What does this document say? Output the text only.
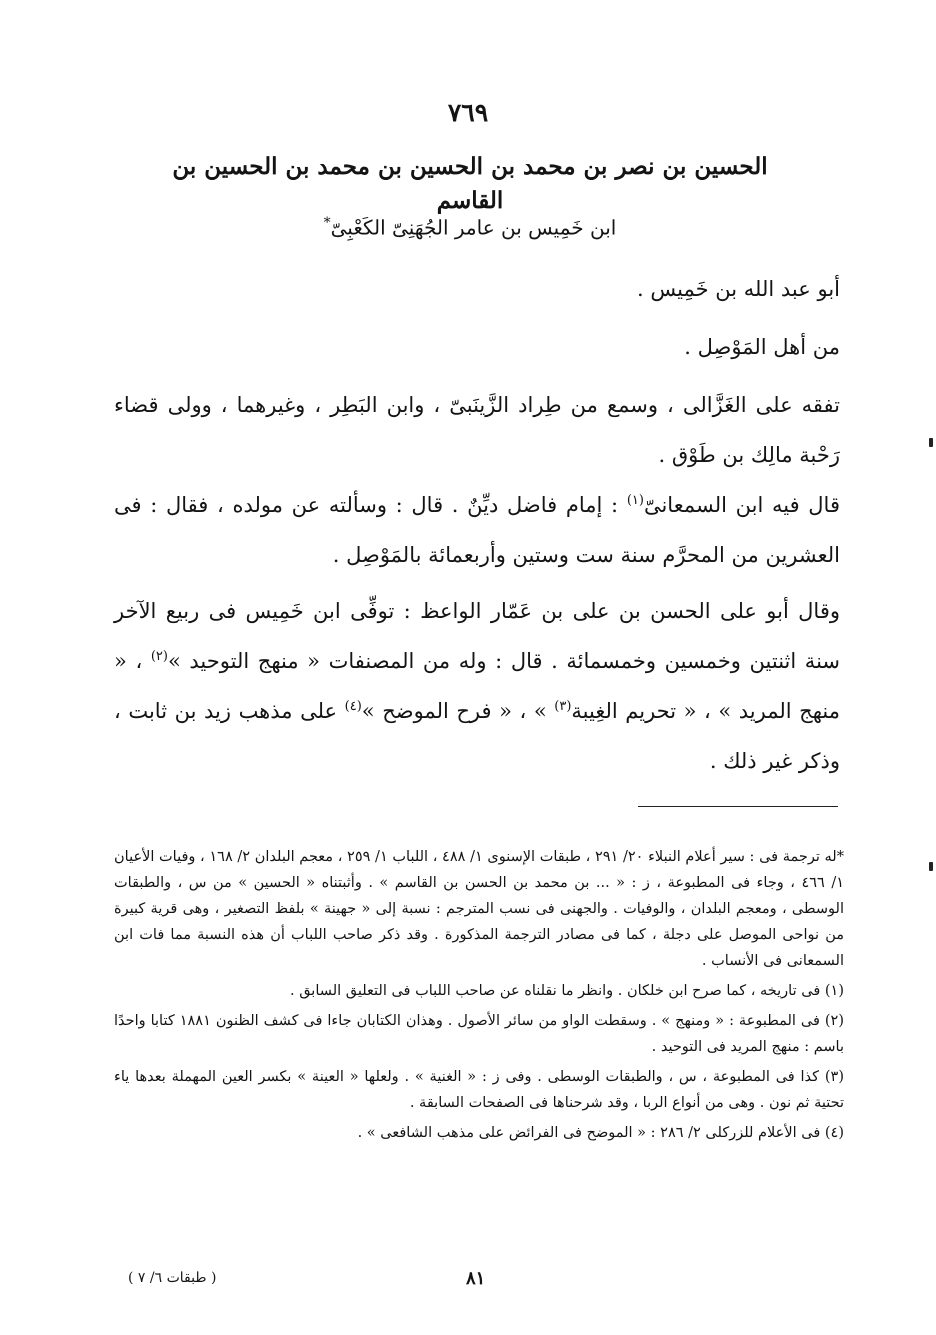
٧٦٩
الحسين بن نصر بن محمد بن الحسين بن محمد بن الحسين بن القاسم
ابن خَمِيس بن عامر الجُهَنِىّ الكَعْبِىّ*
أبو عبد الله بن خَمِيس .
من أهل المَوْصِل .
تفقه على الغَزَّالى ، وسمع من طِراد الزَّينَبىّ ، وابن البَطِر ، وغيرهما ، وولى قضاء رَحْبة مالِك بن طَوْق .
قال فيه ابن السمعانىّ$^{(١)}$ : إمام فاضل ديِّنٌ . قال : وسألته عن مولده ، فقال : فى العشرين من المحرَّم سنة ست وستين وأربعمائة بالمَوْصِل .
وقال أبو على الحسن بن على بن عَمّار الواعظ : توفِّى ابن خَمِيس فى ربيع الآخر سنة اثنتين وخمسين وخمسمائة . قال : وله من المصنفات « منهج التوحيد »$^{(٢)}$ ، « منهج المريد » ، « تحريم الغِيبة$^{(٣)}$ » ، « فرح الموضح »$^{(٤)}$ على مذهب زيد بن ثابت ، وذكر غير ذلك .

*له ترجمة فى : سير أعلام النبلاء ٢٠/ ٢٩١ ، طبقات الإسنوى ١/ ٤٨٨ ، اللباب ١/ ٢٥٩ ، معجم البلدان ٢/ ١٦٨ ، وفيات الأعيان ١/ ٤٦٦ ، وجاء فى المطبوعة ، ز : « ... بن محمد بن الحسن بن القاسم » . وأثبتناه « الحسين » من س ، والطبقات الوسطى ، ومعجم البلدان ، والوفيات . والجهنى فى نسب المترجم : نسبة إلى « جهينة » بلفظ التصغير ، وهى قرية كبيرة من نواحى الموصل على دجلة ، كما فى مصادر الترجمة المذكورة . وقد ذكر صاحب اللباب أن هذه النسبة مما فات ابن السمعانى فى الأنساب .

(١) فى تاريخه ، كما صرح ابن خلكان . وانظر ما نقلناه عن صاحب اللباب فى التعليق السابق .

(٢) فى المطبوعة : « ومنهج » . وسقطت الواو من سائر الأصول . وهذان الكتابان جاءا فى كشف الظنون ١٨٨١ كتابا واحدًا باسم : منهج المريد فى التوحيد .

(٣) كذا فى المطبوعة ، س ، والطبقات الوسطى . وفى ز : « الغنية » . ولعلها « العينة » بكسر العين المهملة بعدها ياء تحتية ثم نون . وهى من أنواع الربا ، وقد شرحناها فى الصفحات السابقة .

(٤) فى الأعلام للزركلى ٢/ ٢٨٦ : « الموضح فى الفرائض على مذهب الشافعى » .

٨١
( طبقات ٦/ ٧ )
